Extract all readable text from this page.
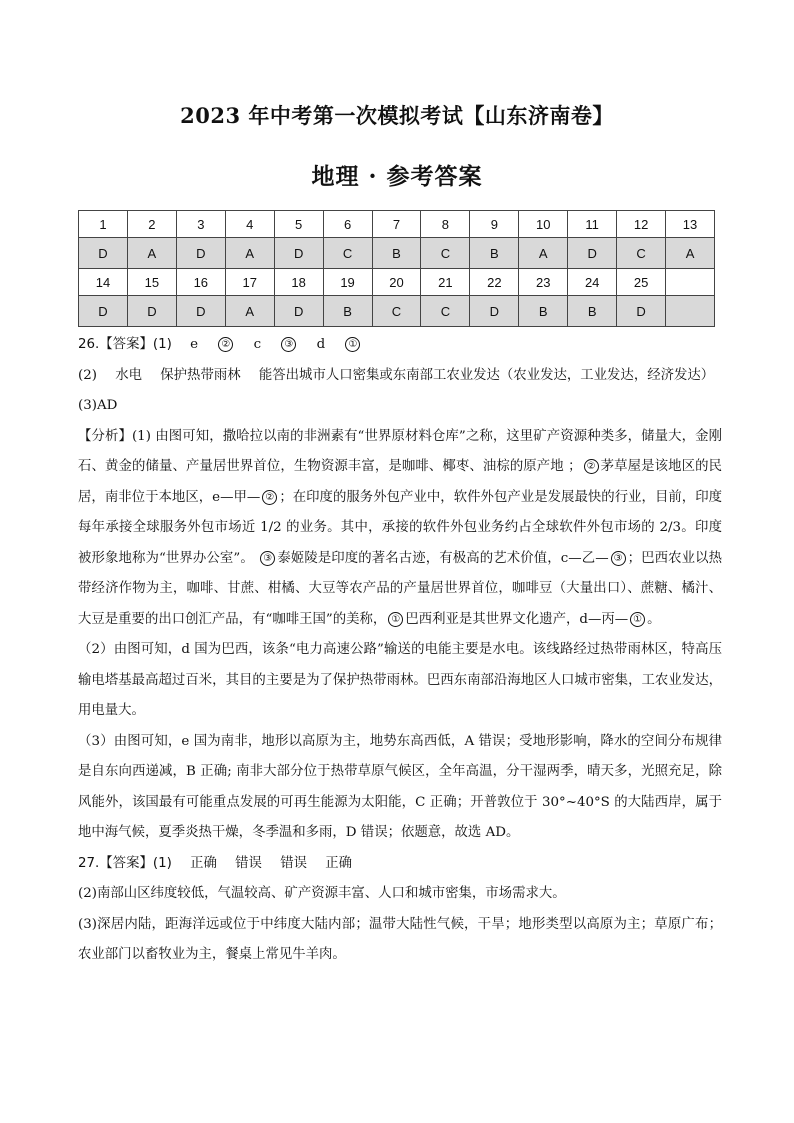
2023 年中考第一次模拟考试【山东济南卷】
地理 · 参考答案
1	2	3	4	5	6	7	8	9	10	11	12	13
D	A	D	A	D	C	B	C	B	A	D	C	A
14	15	16	17	18	19	20	21	22	23	24	25	
D	D	D	A	D	B	C	C	D	B	B	D	

26.【答案】(1) e ② c ③ d ①

(2) 水电 保护热带雨林 能答出城市人口密集或东南部工农业发达（农业发达，工业发达，经济发达）

(3)AD

【分析】(1) 由图可知，撒哈拉以南的非洲素有“世界原材料仓库”之称，这里矿产资源种类多，储量大，金刚石、黄金的储量、产量居世界首位，生物资源丰富，是咖啡、椰枣、油棕的原产地 ； ② 茅草屋是该地区的民居，南非位于本地区，e—甲— ② ；在印度的服务外包产业中，软件外包产业是发展最快的行业，目前，印度每年承接全球服务外包市场近 1/2 的业务。其中，承接的软件外包业务约占全球软件外包市场的 2/3。印度被形象地称为“世界办公室”。 ③ 泰姬陵是印度的著名古迹，有极高的艺术价值，c—乙— ③ ；巴西农业以热带经济作物为主，咖啡、甘蔗、柑橘、大豆等农产品的产量居世界首位，咖啡豆（大量出口）、蔗糖、橘汁、大豆是重要的出口创汇产品，有“咖啡王国”的美称， ① 巴西利亚是其世界文化遗产，d—丙— ① 。

（2）由图可知，d 国为巴西，该条“电力高速公路”输送的电能主要是水电。该线路经过热带雨林区，特高压输电塔基最高超过百米，其目的主要是为了保护热带雨林。巴西东南部沿海地区人口城市密集，工农业发达，用电量大。

（3）由图可知，e 国为南非，地形以高原为主，地势东高西低，A 错误；受地形影响，降水的空间分布规律是自东向西递减，B 正确; 南非大部分位于热带草原气候区，全年高温，分干湿两季，晴天多，光照充足，除风能外，该国最有可能重点发展的可再生能源为太阳能，C 正确；开普敦位于 30°~40°S 的大陆西岸，属于地中海气候，夏季炎热干燥，冬季温和多雨，D 错误；依题意，故选 AD。

27.【答案】(1) 正确 错误 错误 正确

(2)南部山区纬度较低，气温较高、矿产资源丰富、人口和城市密集，市场需求大。

(3)深居内陆，距海洋远或位于中纬度大陆内部；温带大陆性气候，干旱；地形类型以高原为主；草原广布；农业部门以畜牧业为主，餐桌上常见牛羊肉。
